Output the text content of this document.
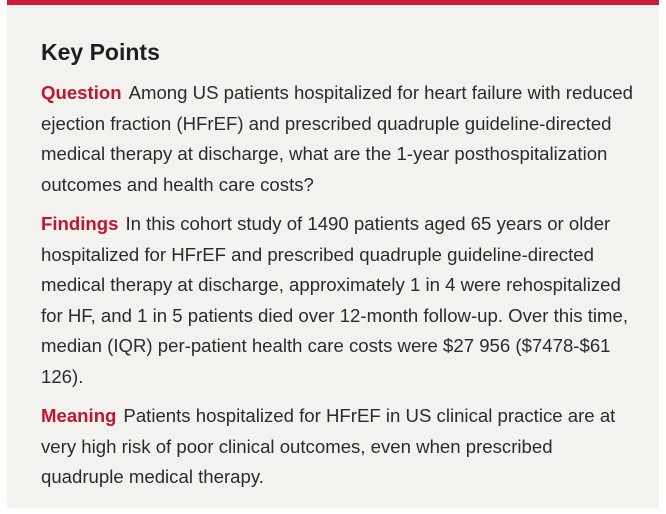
Key Points

Question Among US patients hospitalized for heart failure with reduced ejection fraction (HFrEF) and prescribed quadruple guideline-directed medical therapy at discharge, what are the 1-year posthospitalization outcomes and health care costs?

Findings In this cohort study of 1490 patients aged 65 years or older hospitalized for HFrEF and prescribed quadruple guideline-directed medical therapy at discharge, approximately 1 in 4 were rehospitalized for HF, and 1 in 5 patients died over 12-month follow-up. Over this time, median (IQR) per-patient health care costs were $27 956 ($7478-$61 126).

Meaning Patients hospitalized for HFrEF in US clinical practice are at very high risk of poor clinical outcomes, even when prescribed quadruple medical therapy.
